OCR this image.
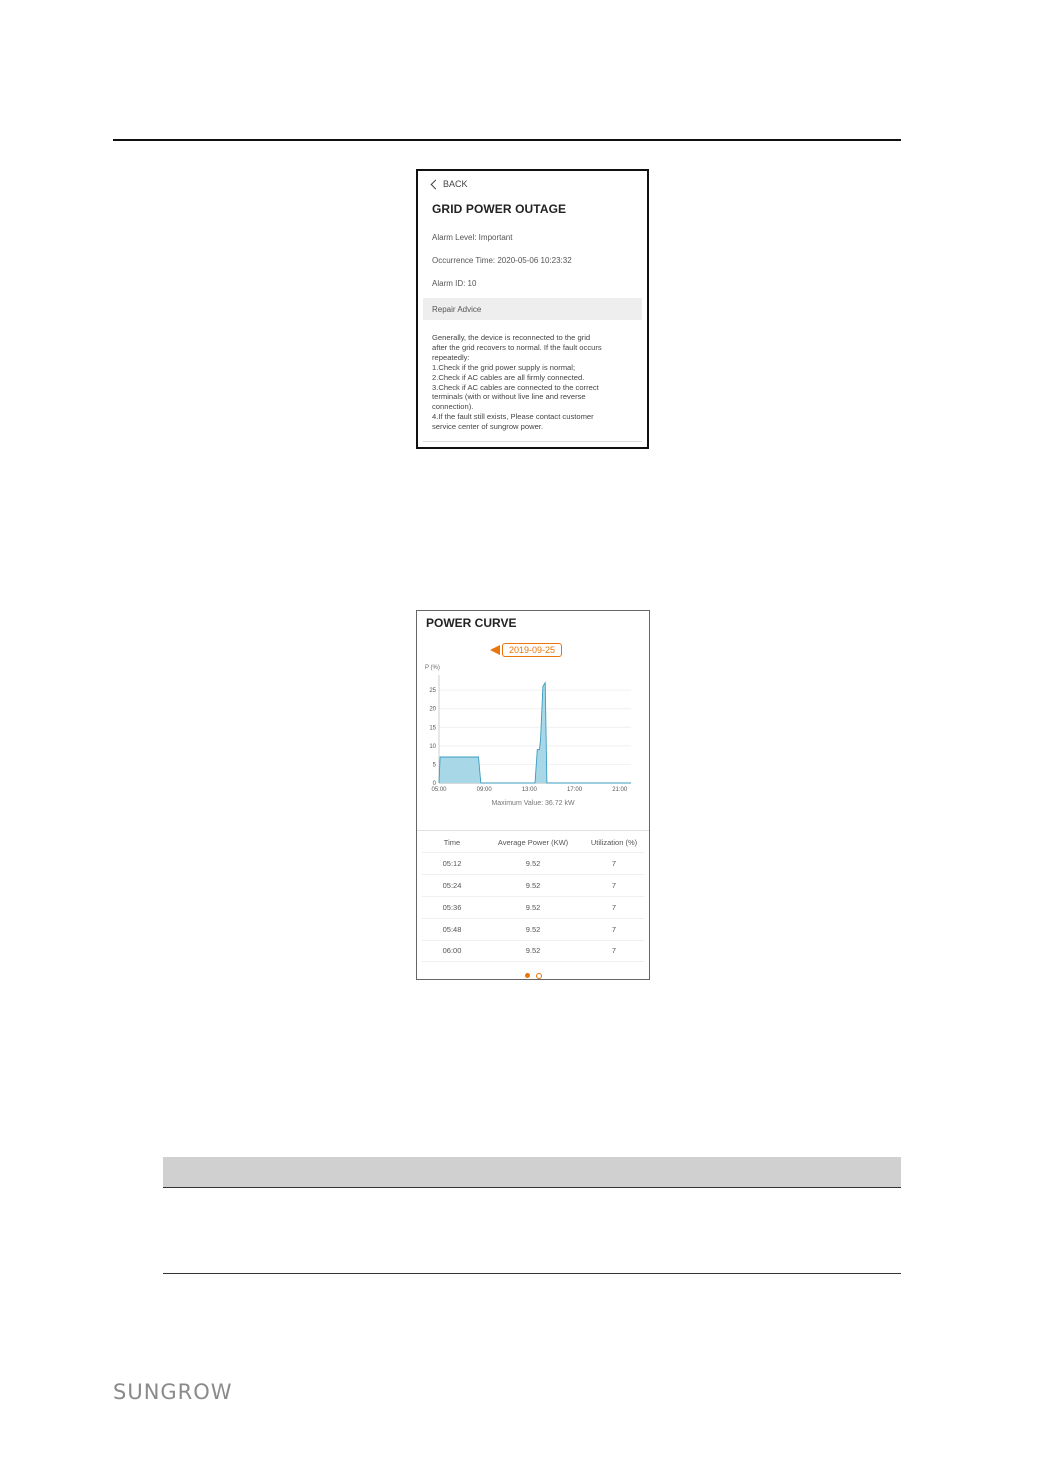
BACK
GRID POWER OUTAGE
Alarm Level: Important
Occurrence Time: 2020-05-06 10:23:32
Alarm ID: 10
Repair Advice
Generally, the device is reconnected to the grid
after the grid recovers to normal. If the fault occurs
repeatedly:
1.Check if the grid power supply is normal;
2.Check if AC cables are all firmly connected.
3.Check if AC cables are connected to the correct
terminals (with or without live line and reverse
connection).
4.If the fault still exists, Please contact customer
service center of sungrow power.
POWER CURVE
2019-09-25
P (%)
0
5
10
15
20
25
05:00	09:00	13:00	17:00	21:00
Maximum Value: 36.72 kW
Time	Average Power (KW)	Utilization (%)
05:12	9.52	7
05:24	9.52	7
05:36	9.52	7
05:48	9.52	7
06:00	9.52	7
SUNGROW
